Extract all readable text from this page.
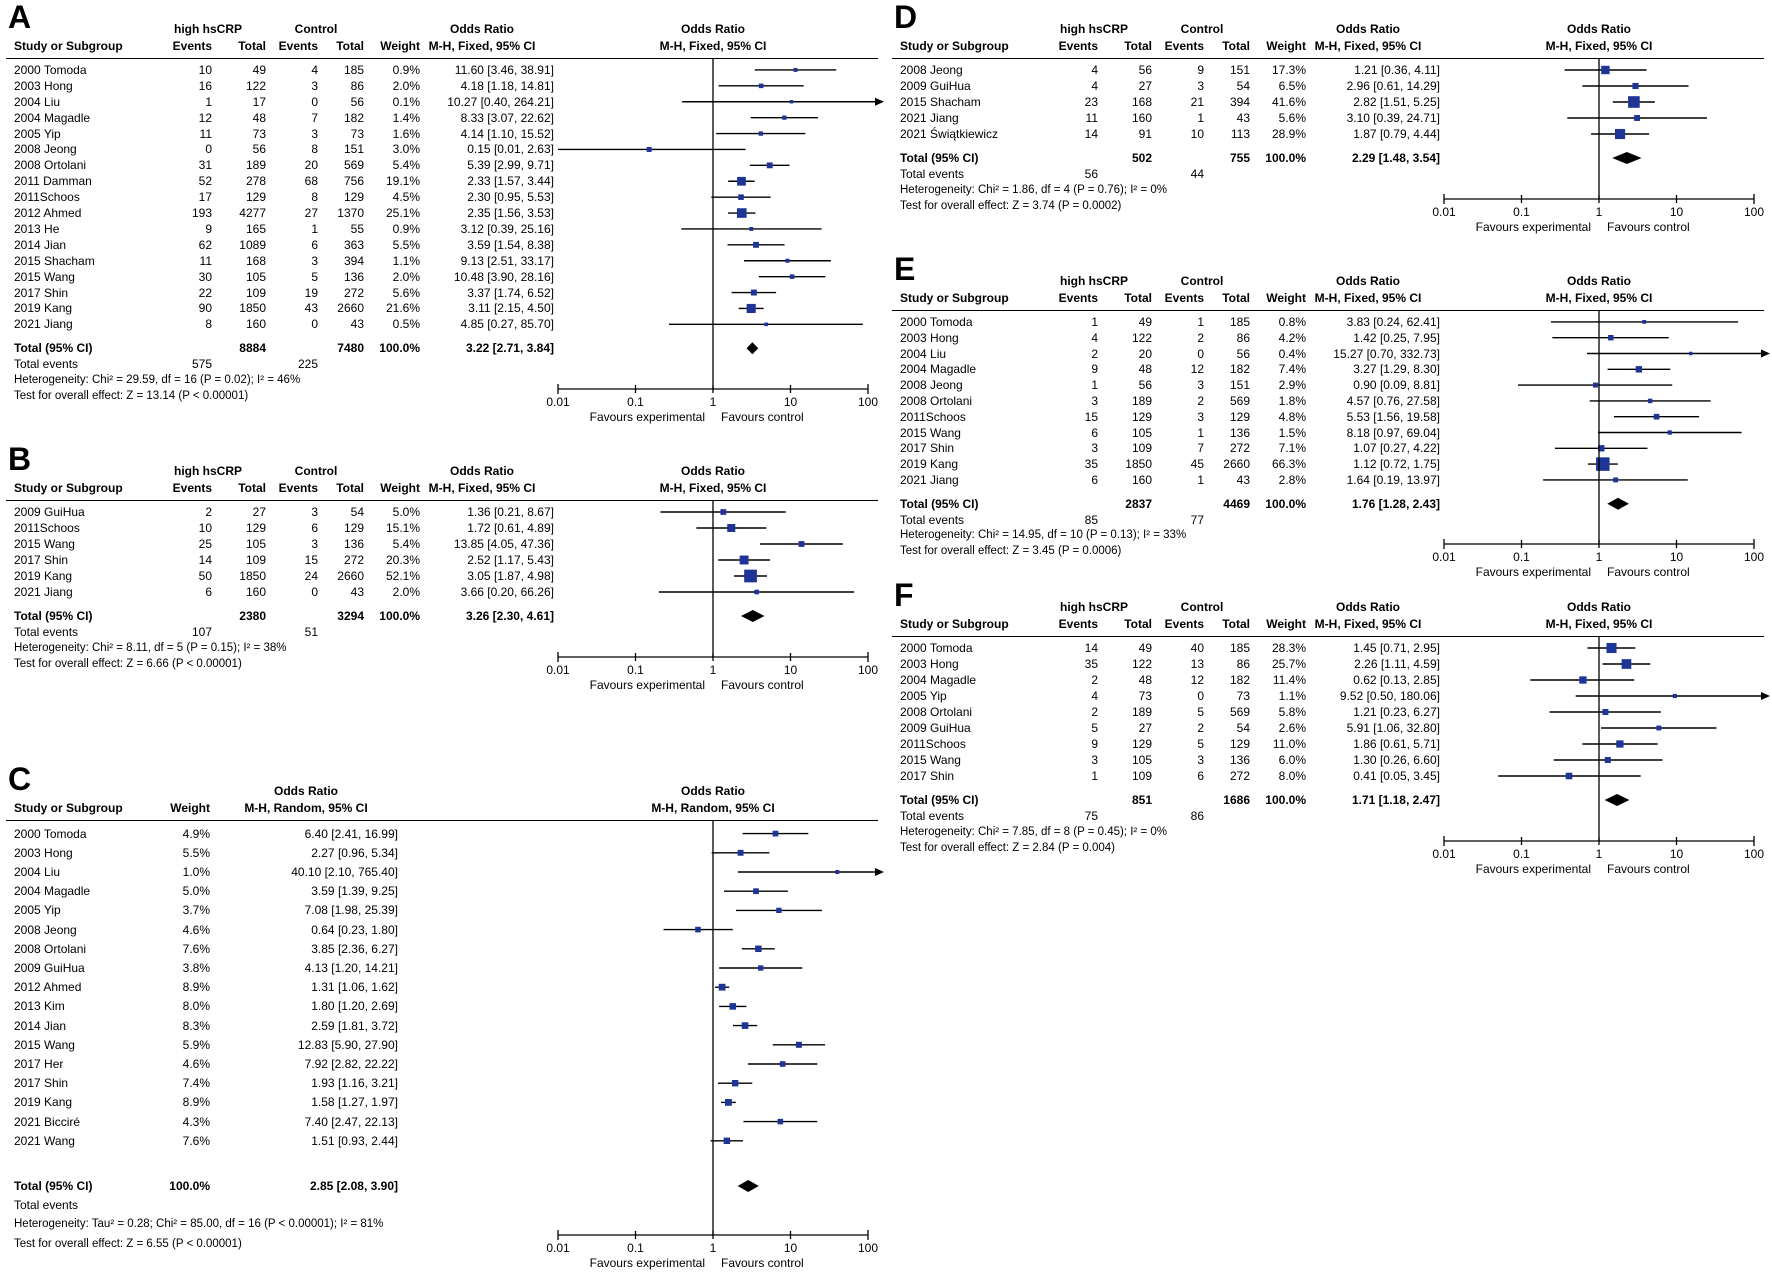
A	high hsCRP	Control	Odds Ratio
M-H, Fixed, 95% CI
Events	Total	Events	Total	Weight
Study or Subgroup
Odds Ratio
M-H, Fixed, 95% CI
2000 Tomoda	10	49	4	185	0.9%	11.60 [3.46, 38.91]
2003 Hong	16	122	3	86	2.0%	4.18 [1.18, 14.81]
2004 Liu	1	17	0	56	0.1%	10.27 [0.40, 264.21]
2004 Magadle	12	48	7	182	1.4%	8.33 [3.07, 22.62]
2005 Yip	11	73	3	73	1.6%	4.14 [1.10, 15.52]
2008 Jeong	0	56	8	151	3.0%	0.15 [0.01, 2.63]
2008 Ortolani	31	189	20	569	5.4%	5.39 [2.99, 9.71]
2011 Damman	52	278	68	756	19.1%	2.33 [1.57, 3.44]
2011Schoos	17	129	8	129	4.5%	2.30 [0.95, 5.53]
2012 Ahmed	193	4277	27	1370	25.1%	2.35 [1.56, 3.53]
2013 He	9	165	1	55	0.9%	3.12 [0.39, 25.16]
2014 Jian	62	1089	6	363	5.5%	3.59 [1.54, 8.38]
2015 Shacham	11	168	3	394	1.1%	9.13 [2.51, 33.17]
2015 Wang	30	105	5	136	2.0%	10.48 [3.90, 28.16]
2017 Shin	22	109	19	272	5.6%	3.37 [1.74, 6.52]
2019 Kang	90	1850	43	2660	21.6%	3.11 [2.15, 4.50]
2021 Jiang	8	160	0	43	0.5%	4.85 [0.27, 85.70]
Total (95% CI)	8884	7480	100.0%	3.22 [2.71, 3.84]
Total events	575	225
Heterogeneity: Chi² = 29.59, df = 16 (P = 0.02); I² = 46%
Test for overall effect: Z = 13.14 (P < 0.00001)	0.01	0.1	1	10	100
Favours experimental Favours control
B	high hsCRP	Control	Odds Ratio
M-H, Fixed, 95% CI
Events	Total	Events	Total	Weight
Study or Subgroup
Odds Ratio
M-H, Fixed, 95% CI
2009 GuiHua	2	27	3	54	5.0%	1.36 [0.21, 8.67]
2011Schoos	10	129	6	129	15.1%	1.72 [0.61, 4.89]
2015 Wang	25	105	3	136	5.4%	13.85 [4.05, 47.36]
2017 Shin	14	109	15	272	20.3%	2.52 [1.17, 5.43]
2019 Kang	50	1850	24	2660	52.1%	3.05 [1.87, 4.98]
2021 Jiang	6	160	0	43	2.0%	3.66 [0.20, 66.26]
Total (95% CI)	2380	3294	100.0%	3.26 [2.30, 4.61]
Total events	107	51
Heterogeneity: Chi² = 8.11, df = 5 (P = 0.15); I² = 38%
Test for overall effect: Z = 6.66 (P < 0.00001)	0.01	0.1	1	10	100
Favours experimental Favours control
C	Odds Ratio
M-H, Random, 95% CI
Weight
Study or Subgroup
Odds Ratio
M-H, Random, 95% CI
2000 Tomoda	4.9%	6.40 [2.41, 16.99]
2003 Hong	5.5%	2.27 [0.96, 5.34]
2004 Liu	1.0%	40.10 [2.10, 765.40]
2004 Magadle	5.0%	3.59 [1.39, 9.25]
2005 Yip	3.7%	7.08 [1.98, 25.39]
2008 Jeong	4.6%	0.64 [0.23, 1.80]
2008 Ortolani	7.6%	3.85 [2.36, 6.27]
2009 GuiHua	3.8%	4.13 [1.20, 14.21]
2012 Ahmed	8.9%	1.31 [1.06, 1.62]
2013 Kim	8.0%	1.80 [1.20, 2.69]
2014 Jian	8.3%	2.59 [1.81, 3.72]
2015 Wang	5.9%	12.83 [5.90, 27.90]
2017 Her	4.6%	7.92 [2.82, 22.22]
2017 Shin	7.4%	1.93 [1.16, 3.21]
2019 Kang	8.9%	1.58 [1.27, 1.97]
2021 Bicciré	4.3%	7.40 [2.47, 22.13]
2021 Wang	7.6%	1.51 [0.93, 2.44]
Total (95% CI)	100.0%	2.85 [2.08, 3.90]
Total events
Heterogeneity: Tau² = 0.28; Chi² = 85.00, df = 16 (P < 0.00001); I² = 81%
Test for overall effect: Z = 6.55 (P < 0.00001)	0.01	0.1	1	10	100
Favours experimental Favours control
D	high hsCRP	Control	Odds Ratio
M-H, Fixed, 95% CI
Events	Total	Events	Total	Weight
Study or Subgroup
Odds Ratio
M-H, Fixed, 95% CI
2008 Jeong	4	56	9	151	17.3%	1.21 [0.36, 4.11]
2009 GuiHua	4	27	3	54	6.5%	2.96 [0.61, 14.29]
2015 Shacham	23	168	21	394	41.6%	2.82 [1.51, 5.25]
2021 Jiang	11	160	1	43	5.6%	3.10 [0.39, 24.71]
2021 Świątkiewicz	14	91	10	113	28.9%	1.87 [0.79, 4.44]
Total (95% CI)	502	755	100.0%	2.29 [1.48, 3.54]
Total events	56	44
Heterogeneity: Chi² = 1.86, df = 4 (P = 0.76); I² = 0%
Test for overall effect: Z = 3.74 (P = 0.0002)	0.01	0.1	1	10	100
Favours experimental Favours control
E	high hsCRP	Control	Odds Ratio
M-H, Fixed, 95% CI
Events	Total	Events	Total	Weight
Study or Subgroup
Odds Ratio
M-H, Fixed, 95% CI
2000 Tomoda	1	49	1	185	0.8%	3.83 [0.24, 62.41]
2003 Hong	4	122	2	86	4.2%	1.42 [0.25, 7.95]
2004 Liu	2	20	0	56	0.4%	15.27 [0.70, 332.73]
2004 Magadle	9	48	12	182	7.4%	3.27 [1.29, 8.30]
2008 Jeong	1	56	3	151	2.9%	0.90 [0.09, 8.81]
2008 Ortolani	3	189	2	569	1.8%	4.57 [0.76, 27.58]
2011Schoos	15	129	3	129	4.8%	5.53 [1.56, 19.58]
2015 Wang	6	105	1	136	1.5%	8.18 [0.97, 69.04]
2017 Shin	3	109	7	272	7.1%	1.07 [0.27, 4.22]
2019 Kang	35	1850	45	2660	66.3%	1.12 [0.72, 1.75]
2021 Jiang	6	160	1	43	2.8%	1.64 [0.19, 13.97]
Total (95% CI)	2837	4469	100.0%	1.76 [1.28, 2.43]
Total events	85	77
Heterogeneity: Chi² = 14.95, df = 10 (P = 0.13); I² = 33%
Test for overall effect: Z = 3.45 (P = 0.0006)	0.01	0.1	1	10	100
Favours experimental Favours control
F	high hsCRP	Control	Odds Ratio
M-H, Fixed, 95% CI
Events	Total	Events	Total	Weight
Study or Subgroup
Odds Ratio
M-H, Fixed, 95% CI
2000 Tomoda	14	49	40	185	28.3%	1.45 [0.71, 2.95]
2003 Hong	35	122	13	86	25.7%	2.26 [1.11, 4.59]
2004 Magadle	2	48	12	182	11.4%	0.62 [0.13, 2.85]
2005 Yip	4	73	0	73	1.1%	9.52 [0.50, 180.06]
2008 Ortolani	2	189	5	569	5.8%	1.21 [0.23, 6.27]
2009 GuiHua	5	27	2	54	2.6%	5.91 [1.06, 32.80]
2011Schoos	9	129	5	129	11.0%	1.86 [0.61, 5.71]
2015 Wang	3	105	3	136	6.0%	1.30 [0.26, 6.60]
2017 Shin	1	109	6	272	8.0%	0.41 [0.05, 3.45]
Total (95% CI)	851	1686	100.0%	1.71 [1.18, 2.47]
Total events	75	86
Heterogeneity: Chi² = 7.85, df = 8 (P = 0.45); I² = 0%
Test for overall effect: Z = 2.84 (P = 0.004)	0.01	0.1	1	10	100
Favours experimental Favours control
